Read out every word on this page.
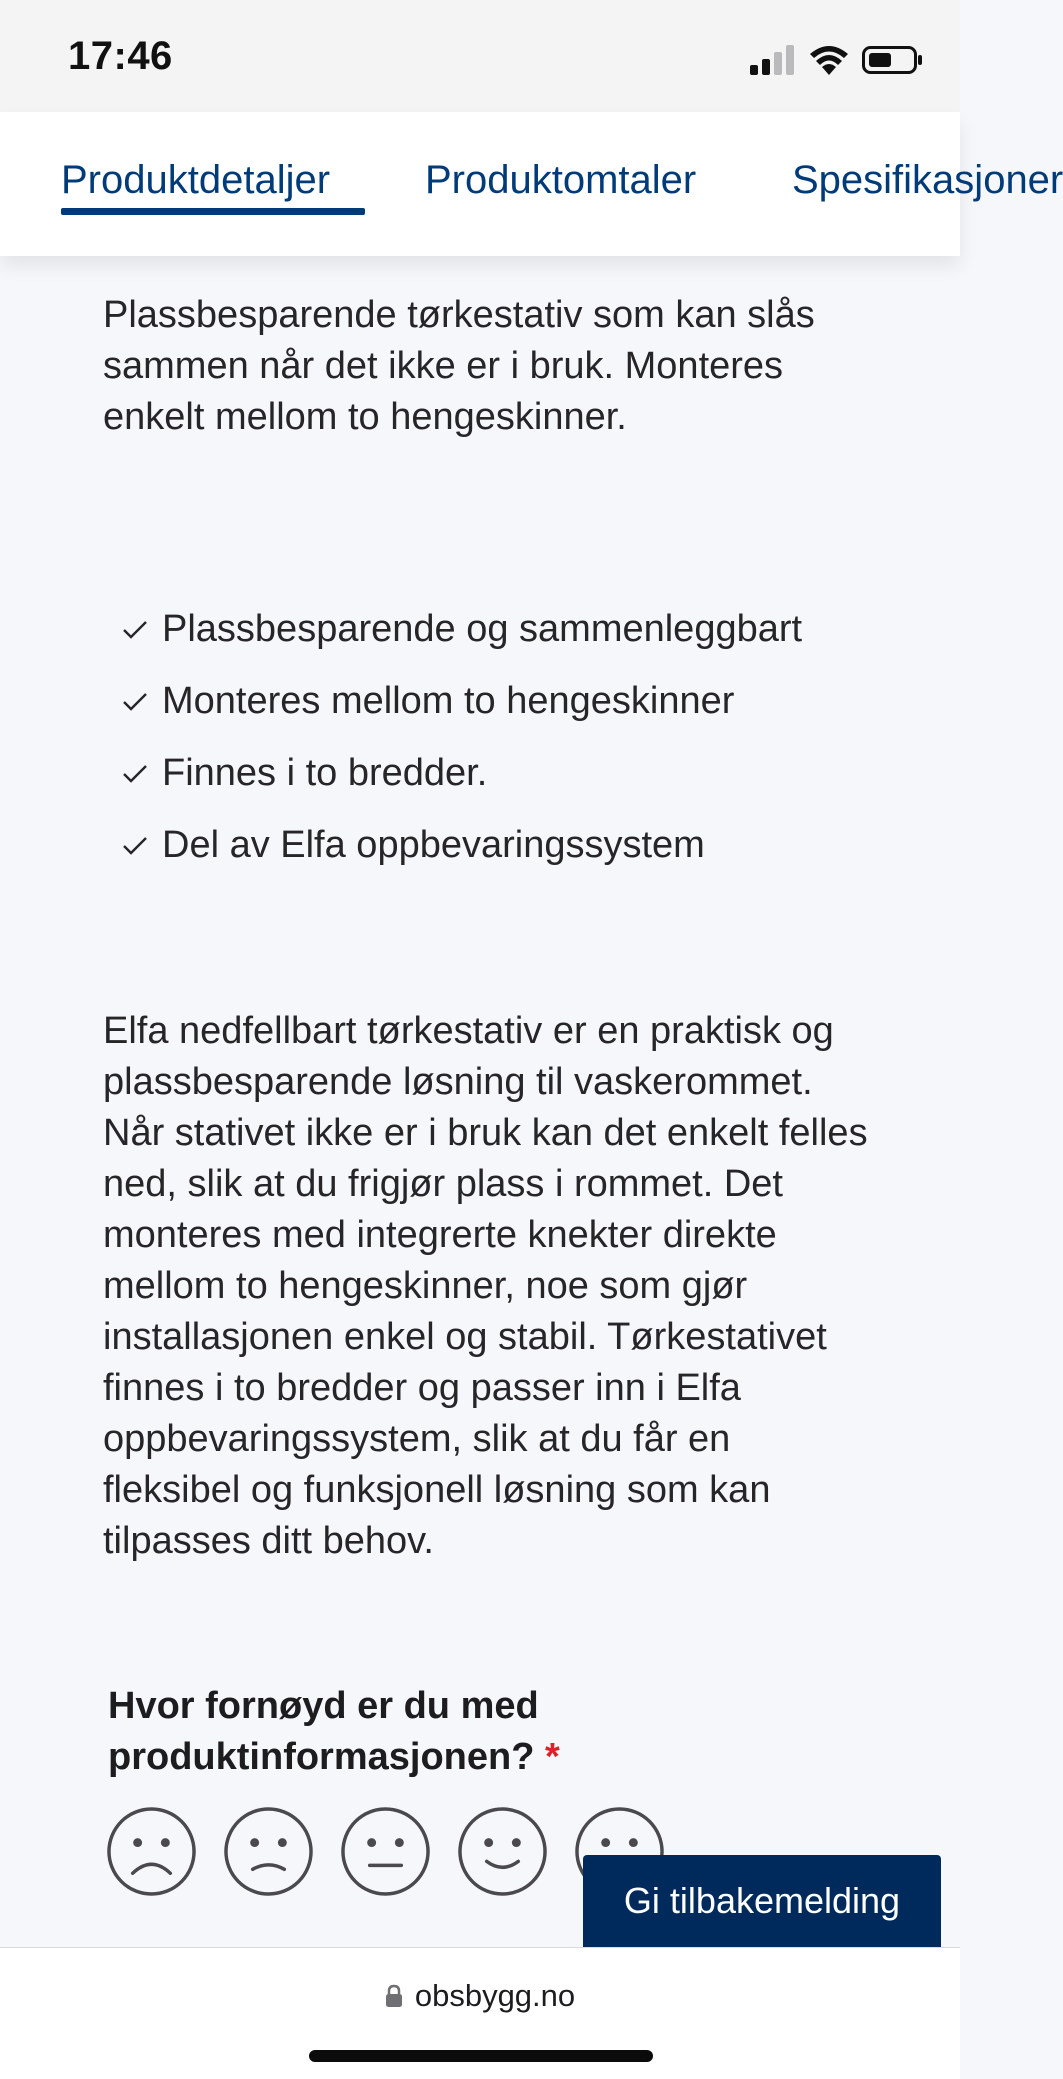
17:46
Produktdetaljer Produktomtaler Spesifikasjoner

Plassbesparende tørkestativ som kan slås sammen når det ikke er i bruk. Monteres enkelt mellom to hengeskinner.

Plassbesparende og sammenleggbart
Monteres mellom to hengeskinner
Finnes i to bredder.
Del av Elfa oppbevaringssystem

Elfa nedfellbart tørkestativ er en praktisk og plassbesparende løsning til vaskerommet. Når stativet ikke er i bruk kan det enkelt felles ned, slik at du frigjør plass i rommet. Det monteres med integrerte knekter direkte mellom to hengeskinner, noe som gjør installasjonen enkel og stabil. Tørkestativet finnes i to bredder og passer inn i Elfa oppbevaringssystem, slik at du får en fleksibel og funksjonell løsning som kan tilpasses ditt behov.

Hvor fornøyd er du med produktinformasjonen? *
Gi tilbakemelding
obsbygg.no
